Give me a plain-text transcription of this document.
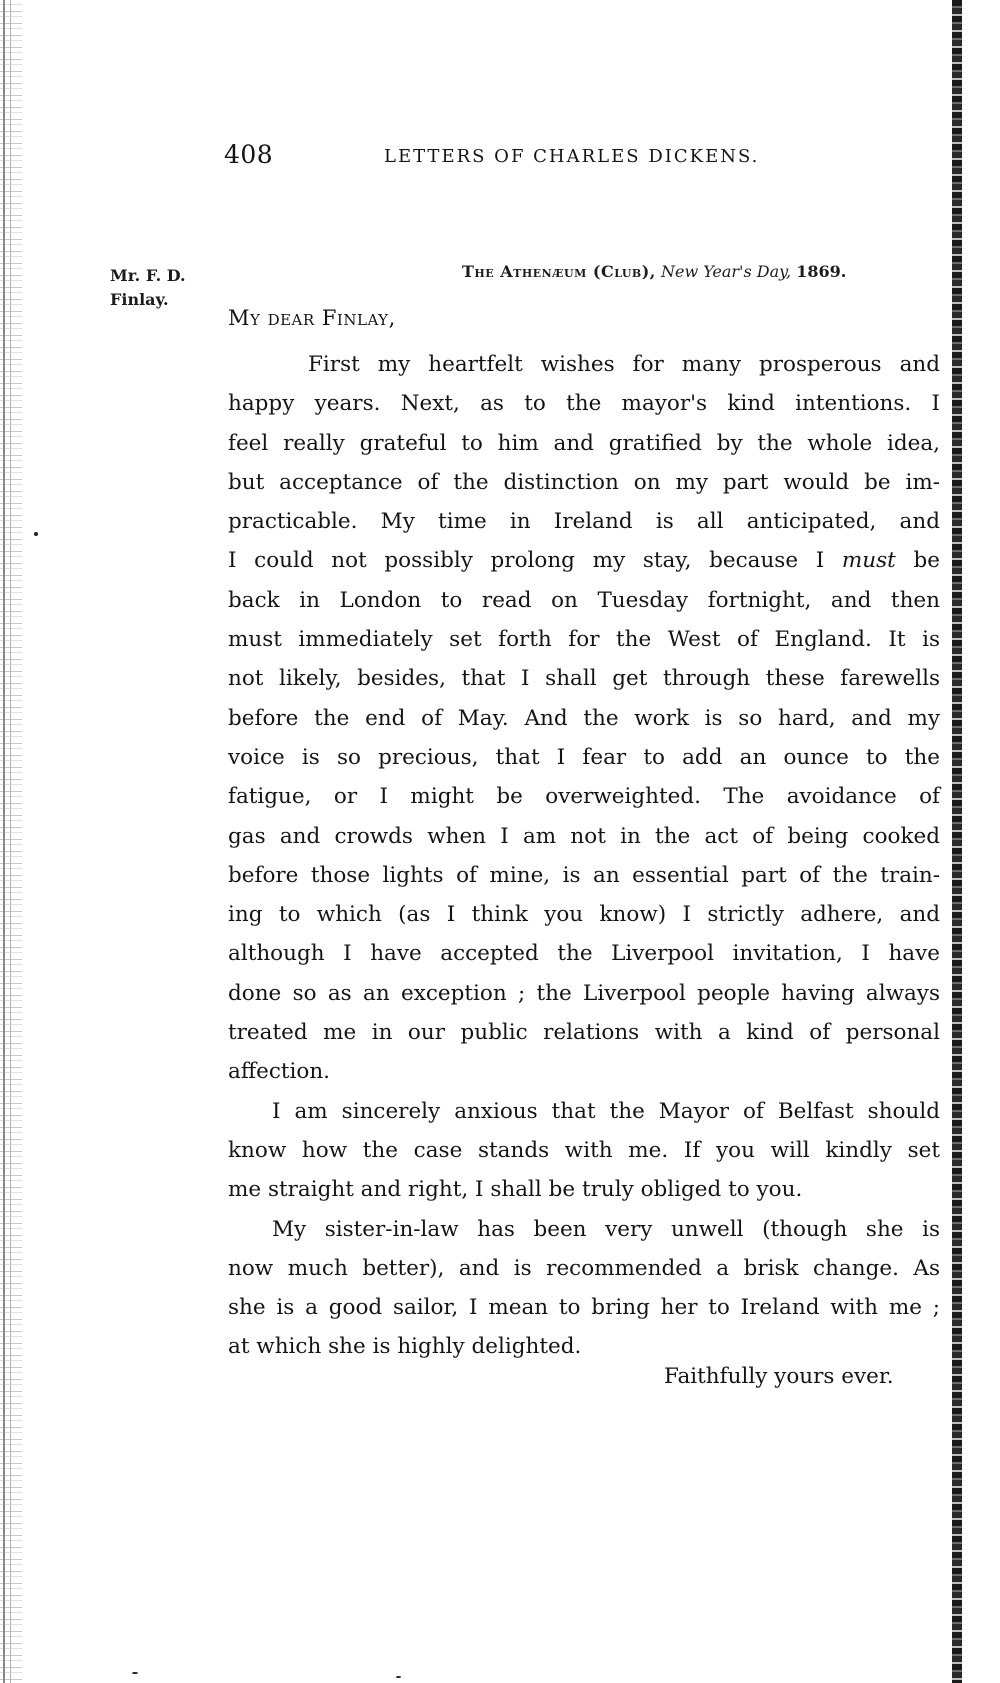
408	LETTERS OF CHARLES DICKENS.
Mr. F. D.
Finlay.
The Athenæum (Club), New Year's Day, 1869.
My dear Finlay,
First my heartfelt wishes for many prosperous and
happy years. Next, as to the mayor's kind intentions. I
feel really grateful to him and gratified by the whole idea,
but acceptance of the distinction on my part would be im-
practicable. My time in Ireland is all anticipated, and
I could not possibly prolong my stay, because I must be
back in London to read on Tuesday fortnight, and then
must immediately set forth for the West of England. It is
not likely, besides, that I shall get through these farewells
before the end of May. And the work is so hard, and my
voice is so precious, that I fear to add an ounce to the
fatigue, or I might be overweighted. The avoidance of
gas and crowds when I am not in the act of being cooked
before those lights of mine, is an essential part of the train-
ing to which (as I think you know) I strictly adhere, and
although I have accepted the Liverpool invitation, I have
done so as an exception ; the Liverpool people having always
treated me in our public relations with a kind of personal
affection.
I am sincerely anxious that the Mayor of Belfast should
know how the case stands with me. If you will kindly set
me straight and right, I shall be truly obliged to you.
My sister-in-law has been very unwell (though she is
now much better), and is recommended a brisk change. As
she is a good sailor, I mean to bring her to Ireland with me ;
at which she is highly delighted.
Faithfully yours ever.
